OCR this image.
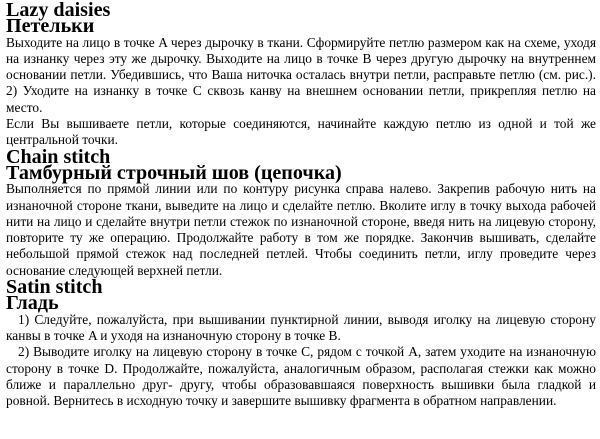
Lazy daisies
Петельки

Выходите на лицо в точке A через дырочку в ткани. Сформируйте петлю размером как на схеме, уходя на изнанку через эту же дырочку. Выходите на лицо в точке B через другую дырочку на внутреннем основании петли. Убедившись, что Ваша ниточка осталась внутри петли, расправьте петлю (см. рис.). 2) Уходите на изнанку в точке С сквозь канву на внешнем основании петли, прикрепляя петлю на место.

Если Вы вышиваете петли, которые соединяются, начинайте каждую петлю из одной и той же центральной точки.

Chain stitch
Тамбурный строчный шов (цепочка)

Выполняется по прямой линии или по контуру рисунка справа налево. Закрепив рабочую нить на изнаночной стороне ткани, выведите на лицо и сделайте петлю. Вколите иглу в точку выхода рабочей нити на лицо и сделайте внутри петли стежок по изнаночной стороне, введя нить на лицевую сторону, повторите ту же операцию. Продолжайте работу в том же порядке. Закончив вышивать, сделайте небольшой прямой стежок над последней петлей. Чтобы соединить петли, иглу проведите через основание следующей верхней петли.

Satin stitch
Гладь

1) Следуйте, пожалуйста, при вышивании пунктирной линии, выводя иголку на лицевую сторону канвы в точке A и уходя на изнаночную сторону в точке B.

2) Выводите иголку на лицевую сторону в точке C, рядом с точкой A, затем уходите на изнаночную сторону в точке D. Продолжайте, пожалуйста, аналогичным образом, располагая стежки как можно ближе и параллельно друг- другу, чтобы образовавшаяся поверхность вышивки была гладкой и ровной. Вернитесь в исходную точку и завершите вышивку фрагмента в обратном направлении.
